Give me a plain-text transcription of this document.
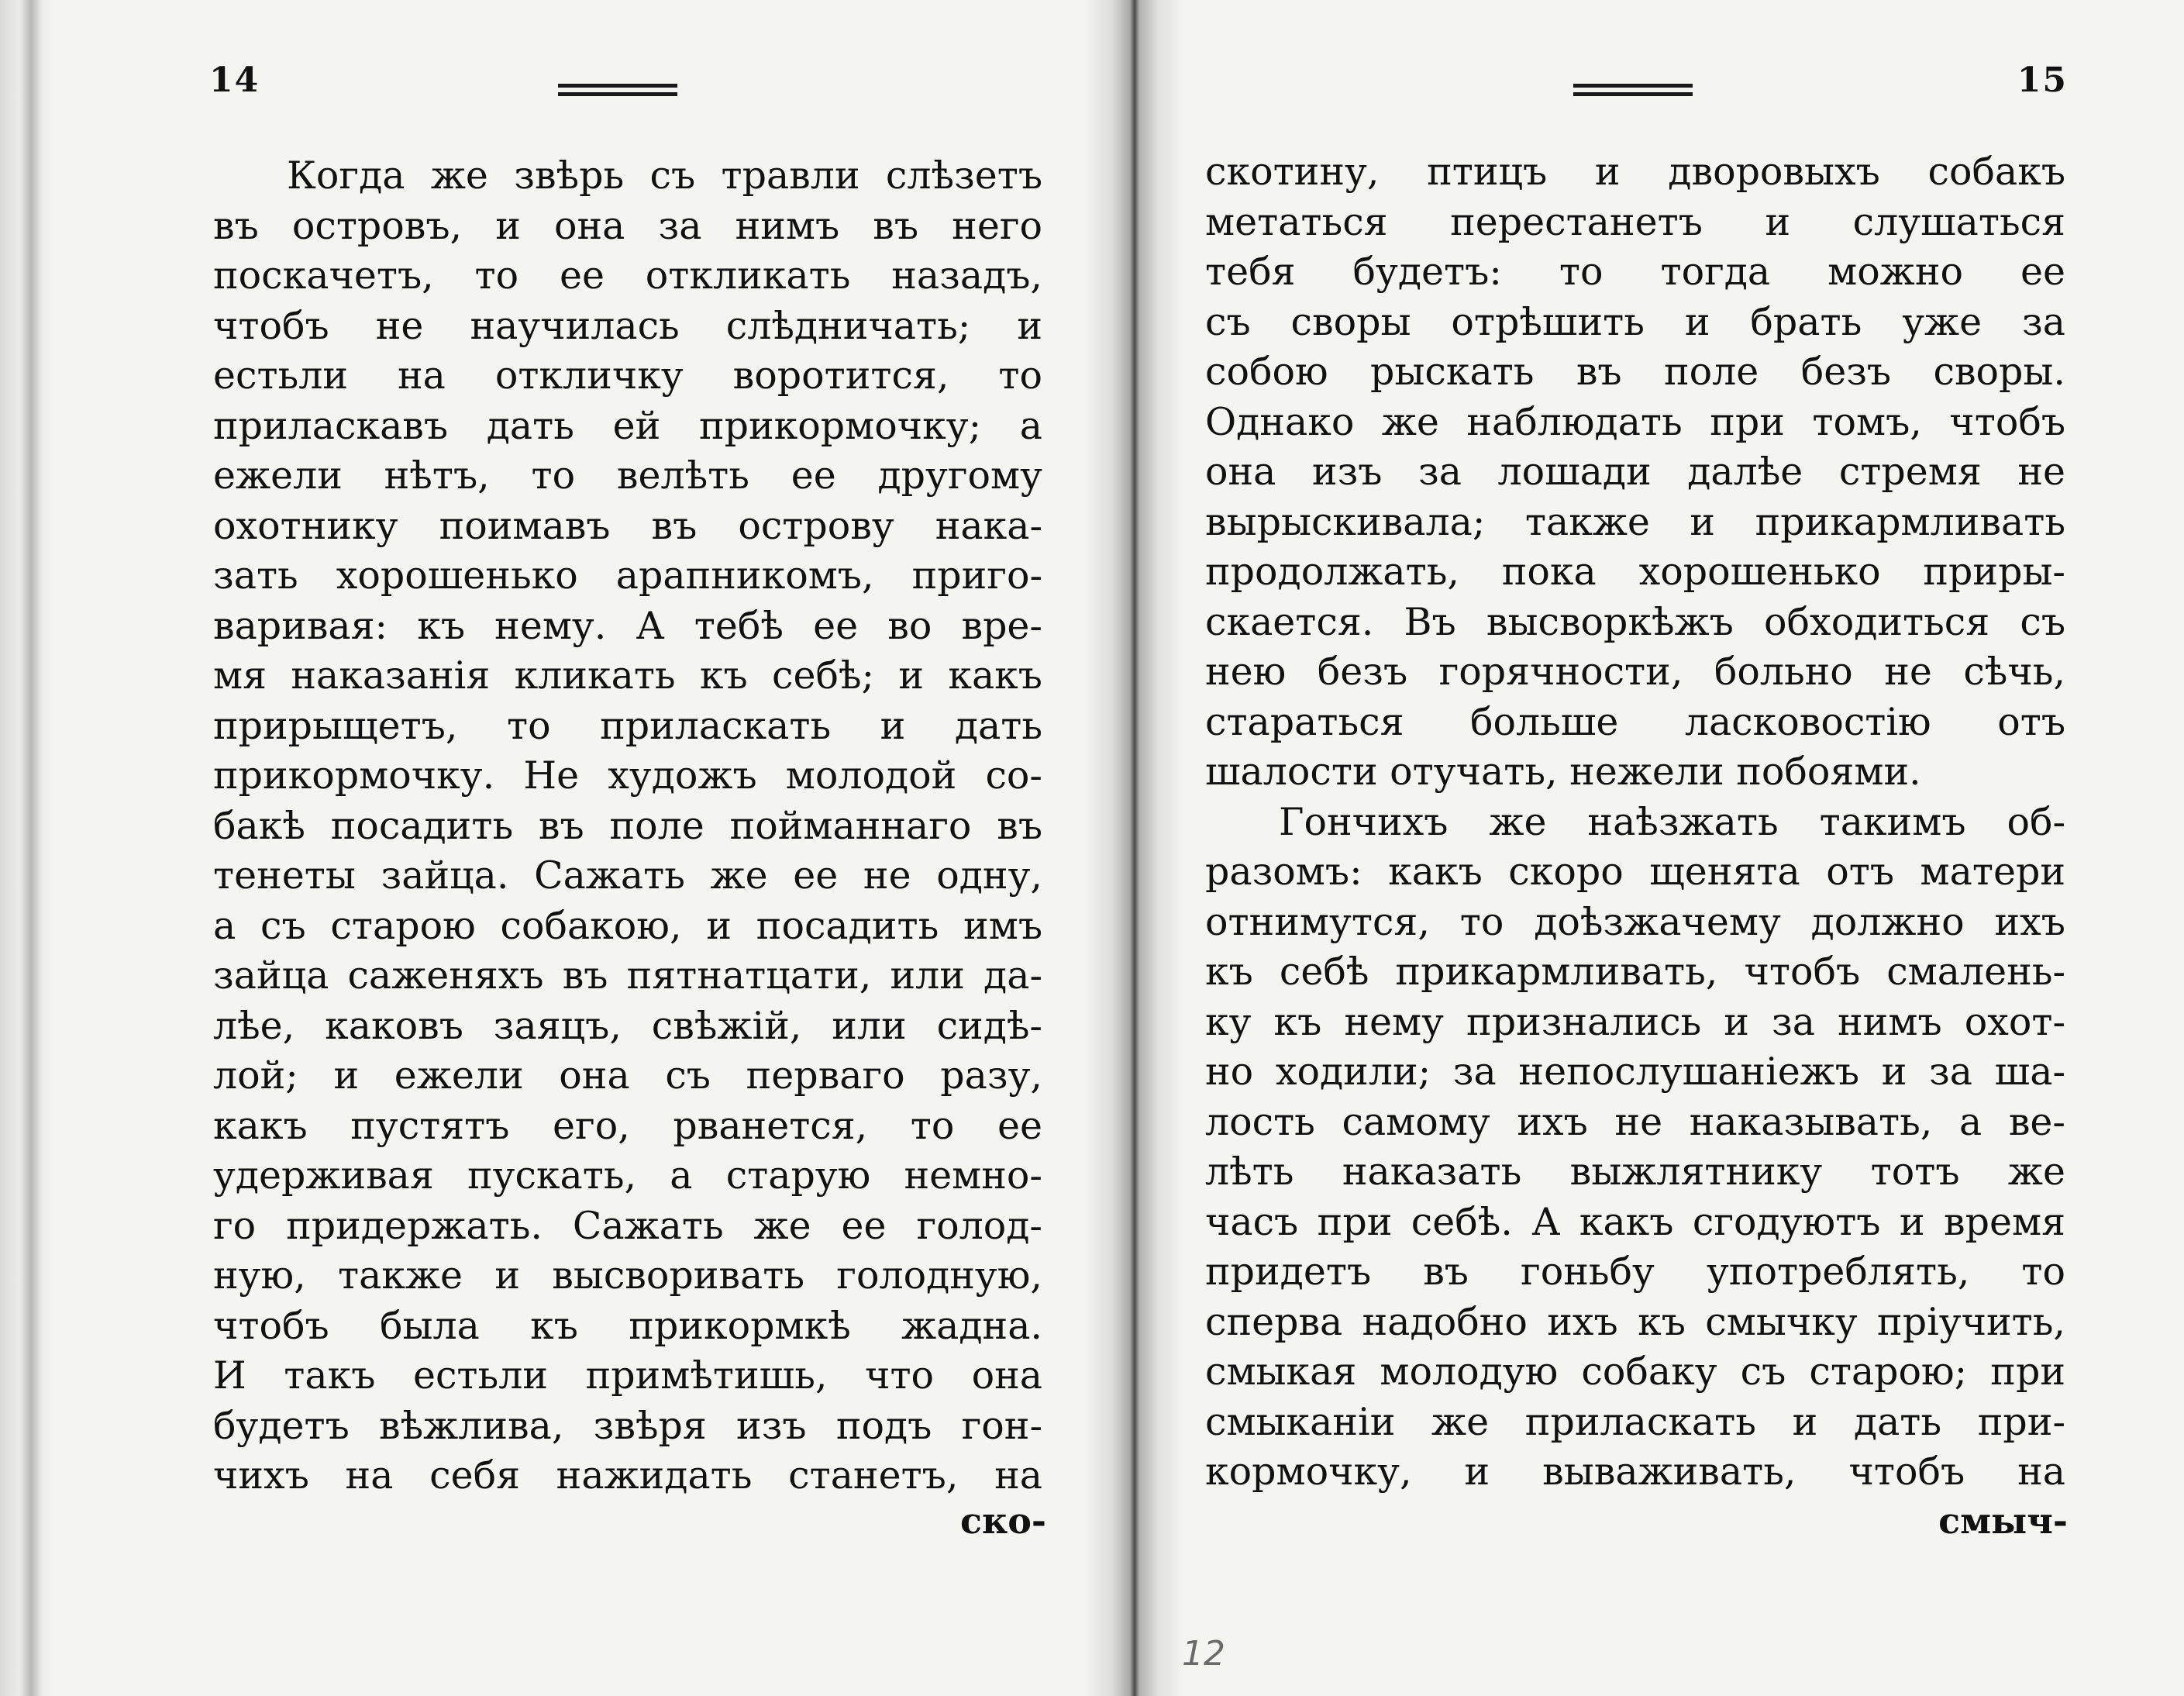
14
Когда же звѣрь съ травли слѣзетъ
въ островъ, и она за нимъ въ него
поскачетъ, то ее откликать назадъ,
чтобъ не научилась слѣдничать; и
естьли на откличку воротится, то
приласкавъ дать ей прикормочку; а
ежели нѣтъ, то велѣть ее другому
охотнику поимавъ въ острову нака-
зать хорошенько арапникомъ, приго-
варивая: къ нему. А тебѣ ее во вре-
мя наказанія кликать къ себѣ; и какъ
прирыщетъ, то приласкать и дать
прикормочку. Не художъ молодой со-
бакѣ посадить въ поле пойманнаго въ
тенеты зайца. Сажать же ее не одну,
а съ старою собакою, и посадить имъ
зайца саженяхъ въ пятнатцати, или да-
лѣе, каковъ заяцъ, свѣжій, или сидѣ-
лой; и ежели она съ перваго разу,
какъ пустятъ его, рванется, то ее
удерживая пускать, а старую немно-
го придержать. Сажать же ее голод-
ную, также и высворивать голодную,
чтобъ была къ прикормкѣ жадна.
И такъ естьли примѣтишь, что она
будетъ вѣжлива, звѣря изъ подъ гон-
чихъ на себя нажидать станетъ, на
ско-
15
скотину, птицъ и дворовыхъ собакъ
метаться перестанетъ и слушаться
тебя будетъ: то тогда можно ее
съ своры отрѣшить и брать уже за
собою рыскать въ поле безъ своры.
Однако же наблюдать при томъ, чтобъ
она изъ за лошади далѣе стремя не
вырыскивала; также и прикармливать
продолжать, пока хорошенько приры-
скается. Въ высворкѣжъ обходиться съ
нею безъ горячности, больно не сѣчь,
стараться больше ласковостію отъ
шалости отучать, нежели побоями.
Гончихъ же наѣзжать такимъ об-
разомъ: какъ скоро щенята отъ матери
отнимутся, то доѣзжачему должно ихъ
къ себѣ прикармливать, чтобъ смалень-
ку къ нему признались и за нимъ охот-
но ходили; за непослушаніежъ и за ша-
лость самому ихъ не наказывать, а ве-
лѣть наказать выжлятнику тотъ же
часъ при себѣ. А какъ сгодуютъ и время
придетъ въ гоньбу употреблять, то
сперва надобно ихъ къ смычку пріучить,
смыкая молодую собаку съ старою; при
смыканіи же приласкать и дать при-
кормочку, и вываживать, чтобъ на
смыч-
12
